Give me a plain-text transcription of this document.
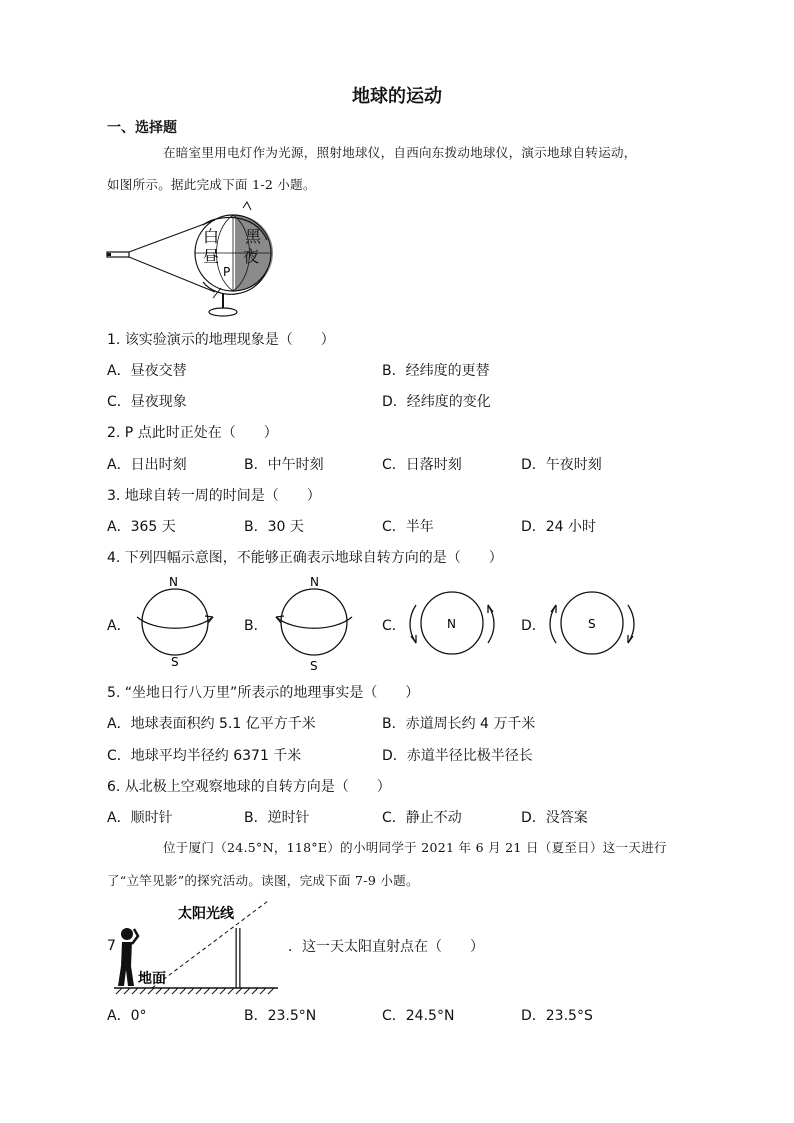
地球的运动
一、选择题
在暗室里用电灯作为光源，照射地球仪，自西向东拨动地球仪，演示地球自转运动，
如图所示。据此完成下面 1-2 小题。
白
昼
黑
夜
P
1. 该实验演示的地理现象是（　　）
A．昼夜交替	B．经纬度的更替
C．昼夜现象	D．经纬度的变化
2. P 点此时正处在（　　）
A．日出时刻	B．中午时刻	C．日落时刻	D．午夜时刻
3. 地球自转一周的时间是（　　）
A．365 天	B．30 天	C．半年	D．24 小时
4. 下列四幅示意图，不能够正确表示地球自转方向的是（　　）
A．
N
S
B．
N
S
C．	N	D．	S
5. “坐地日行八万里”所表示的地理事实是（　　）
A．地球表面积约 5.1 亿平方千米	B．赤道周长约 4 万千米
C．地球平均半径约 6371 千米	D．赤道半径比极半径长
6. 从北极上空观察地球的自转方向是（　　）
A．顺时针	B．逆时针	C．静止不动	D．没答案
位于厦门（24.5°N，118°E）的小明同学于 2021 年 6 月 21 日（夏至日）这一天进行
了“立竿见影”的探究活动。读图，完成下面 7-9 小题。
太阳光线
地面
7	．这一天太阳直射点在（　　）
A．0°	B．23.5°N	C．24.5°N	D．23.5°S
